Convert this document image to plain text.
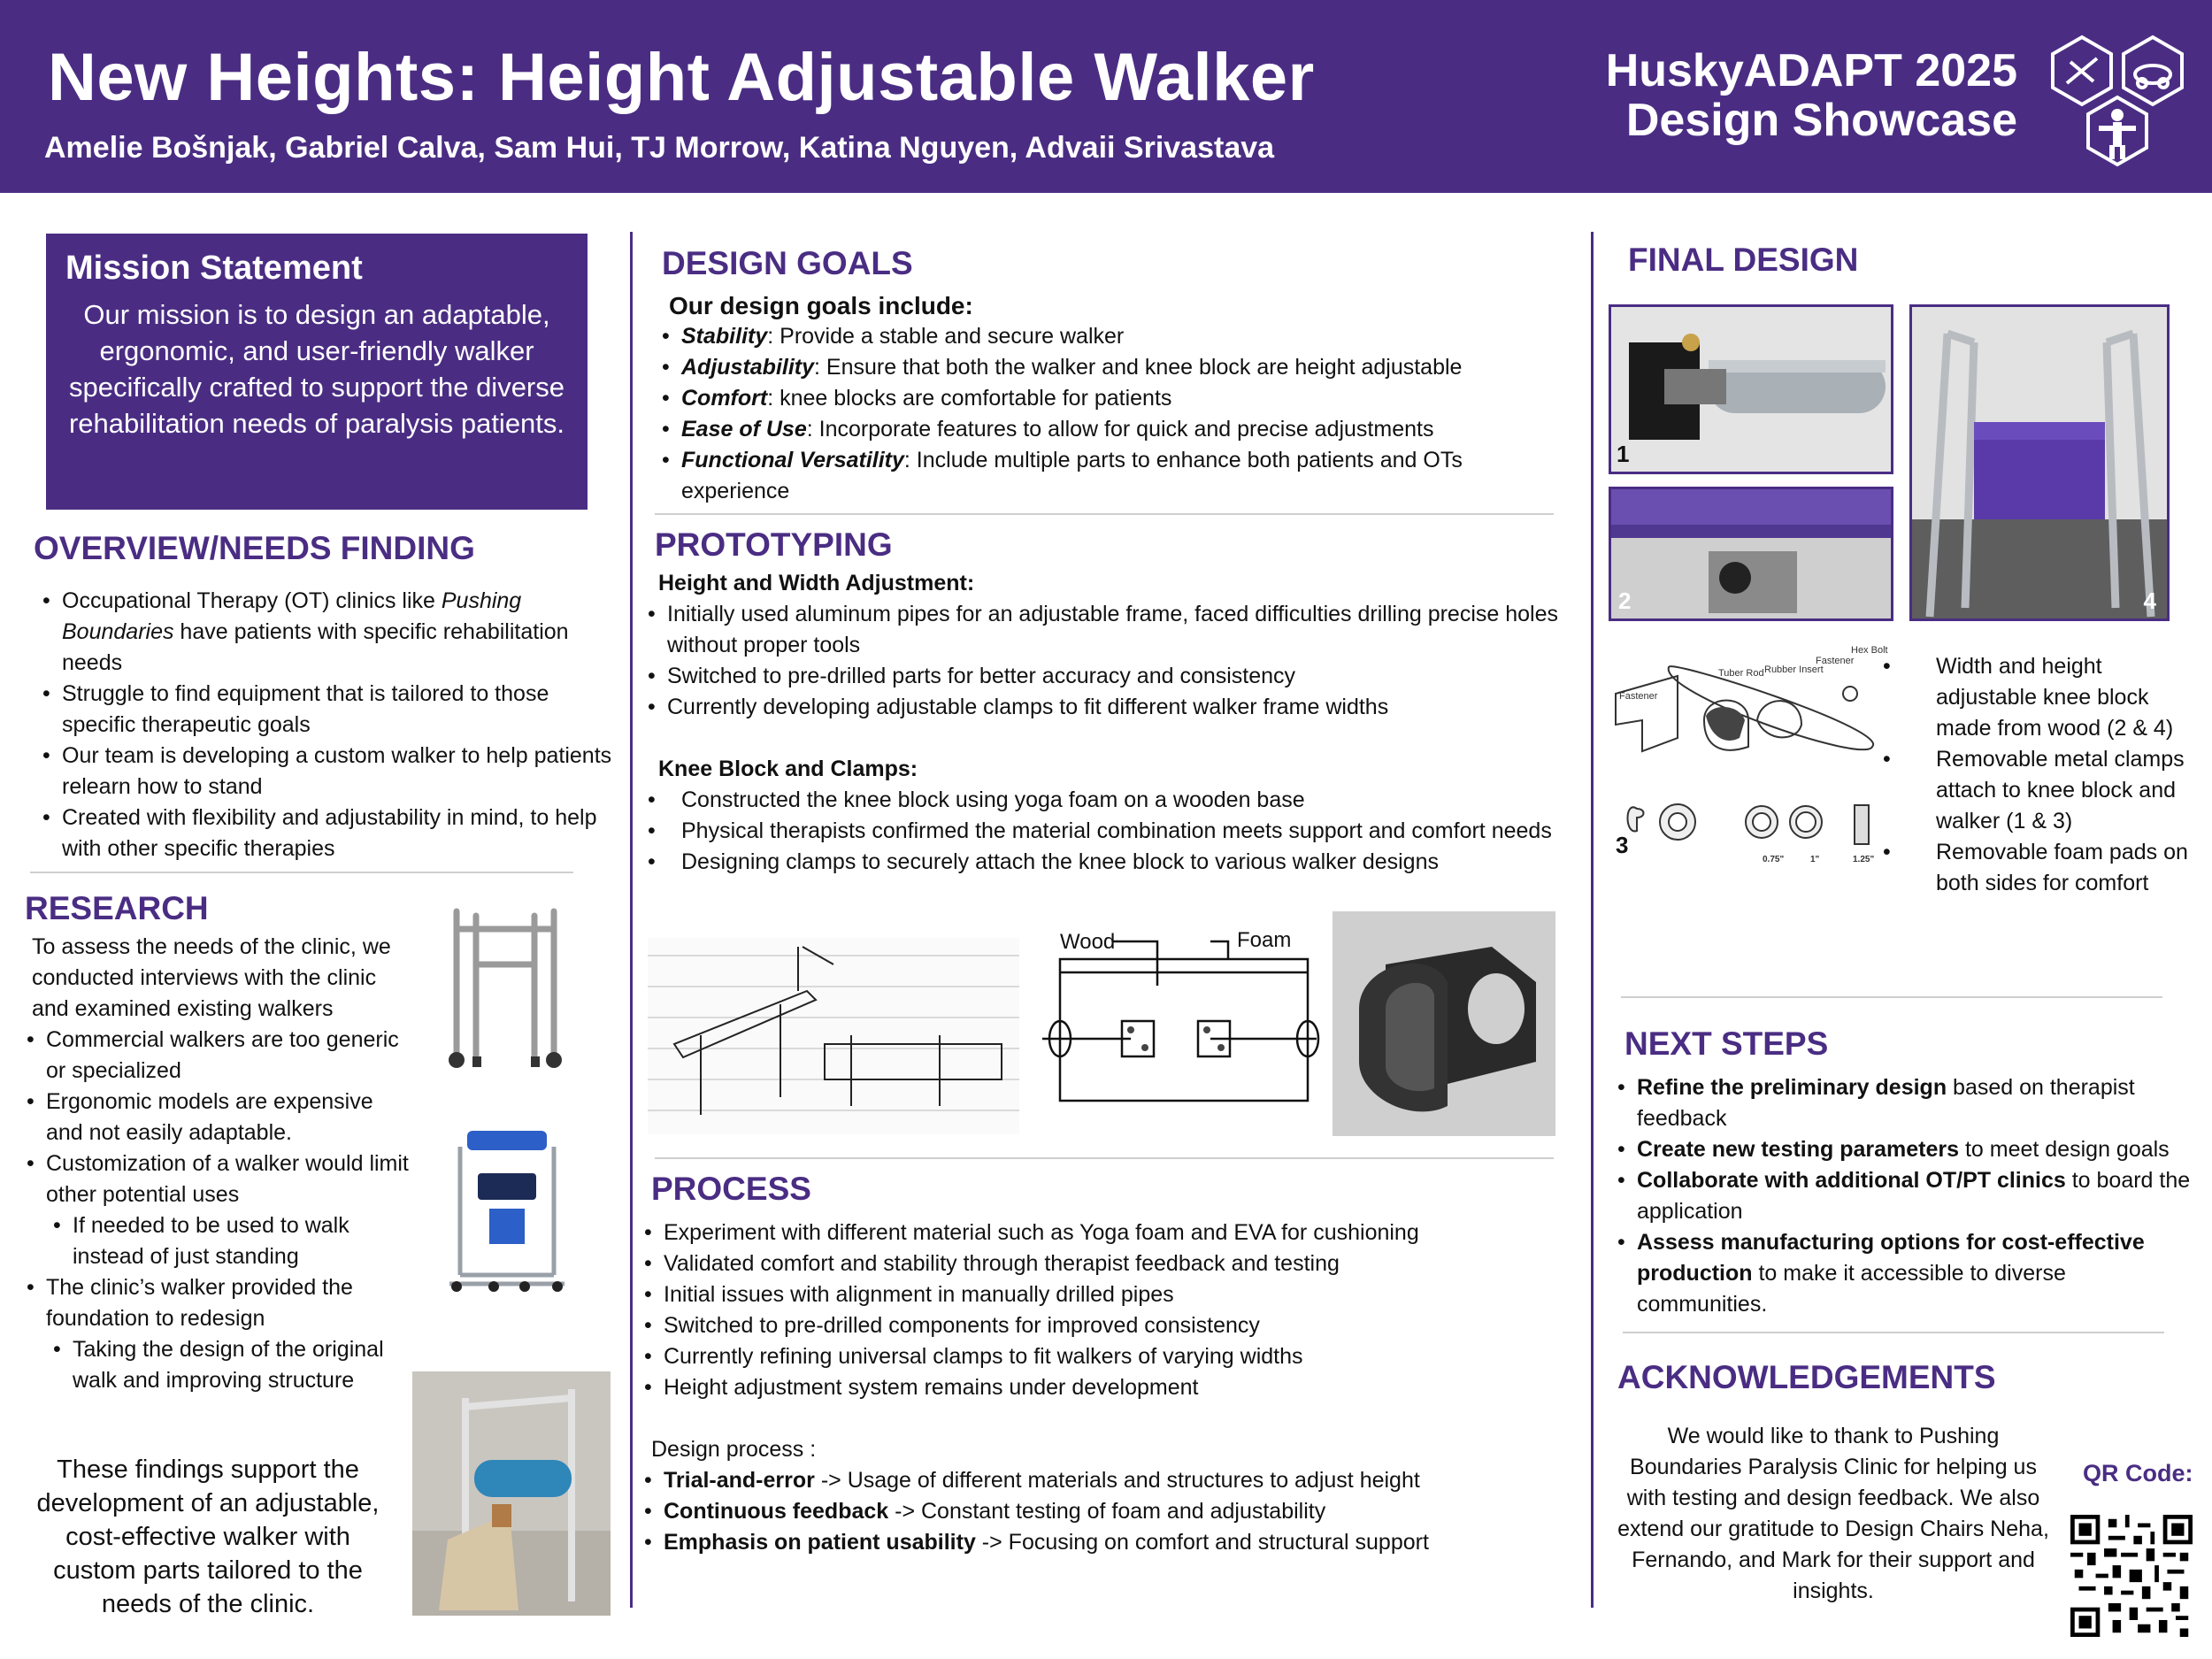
New Heights: Height Adjustable Walker
Amelie Bošnjak, Gabriel Calva, Sam Hui, TJ Morrow, Katina Nguyen, Advaii Srivastava
HuskyADAPT 2025
Design Showcase
Mission Statement

Our mission is to design an adaptable, ergonomic, and user-friendly walker specifically crafted to support the diverse rehabilitation needs of paralysis patients.

OVERVIEW/NEEDS FINDING
• Occupational Therapy (OT) clinics like Pushing Boundaries have patients with specific rehabilitation needs
• Struggle to find equipment that is tailored to those specific therapeutic goals
• Our team is developing a custom walker to help patients relearn how to stand
• Created with flexibility and adjustability in mind, to help with other specific therapies
RESEARCH
To assess the needs of the clinic, we conducted interviews with the clinic and examined existing walkers
• Commercial walkers are too generic or specialized
• Ergonomic models are expensive and not easily adaptable.
• Customization of a walker would limit other potential uses
• If needed to be used to walk instead of just standing
• The clinic’s walker provided the foundation to redesign
• Taking the design of the original walk and improving structure
These findings support the development of an adjustable, cost-effective walker with custom parts tailored to the needs of the clinic.
DESIGN GOALS
Our design goals include:
• Stability: Provide a stable and secure walker
• Adjustability: Ensure that both the walker and knee block are height adjustable
• Comfort: knee blocks are comfortable for patients
• Ease of Use: Incorporate features to allow for quick and precise adjustments
• Functional Versatility: Include multiple parts to enhance both patients and OTs experience
PROTOTYPING
Height and Width Adjustment:
• Initially used aluminum pipes for an adjustable frame, faced difficulties drilling precise holes without proper tools
• Switched to pre-drilled parts for better accuracy and consistency
• Currently developing adjustable clamps to fit different walker frame widths
Knee Block and Clamps:
• Constructed the knee block using yoga foam on a wooden base
• Physical therapists confirmed the material combination meets support and comfort needs
• Designing clamps to securely attach the knee block to various walker designs
Wood	Foam
PROCESS
• Experiment with different material such as Yoga foam and EVA for cushioning
• Validated comfort and stability through therapist feedback and testing
• Initial issues with alignment in manually drilled pipes
• Switched to pre-drilled components for improved consistency
• Currently refining universal clamps to fit walkers of varying widths
• Height adjustment system remains under development
Design process :
• Trial-and-error -> Usage of different materials and structures to adjust height
• Continuous feedback -> Constant testing of foam and adjustability
• Emphasis on patient usability -> Focusing on comfort and structural support
FINAL DESIGN
1
2	4
Fastener
Tuber Rod Rubber Insert
Fastener
Hex Bolt
3
0.75"	1"	1.25"
• Width and height adjustable knee block made from wood (2 & 4)
• Removable metal clamps attach to knee block and walker (1 & 3)
• Removable foam pads on both sides for comfort
NEXT STEPS
• Refine the preliminary design based on therapist feedback
• Create new testing parameters to meet design goals
• Collaborate with additional OT/PT clinics to board the application
• Assess manufacturing options for cost-effective production to make it accessible to diverse communities.
ACKNOWLEDGEMENTS
We would like to thank to Pushing Boundaries Paralysis Clinic for helping us with testing and design feedback. We also extend our gratitude to Design Chairs Neha, Fernando, and Mark for their support and insights.
QR Code:
